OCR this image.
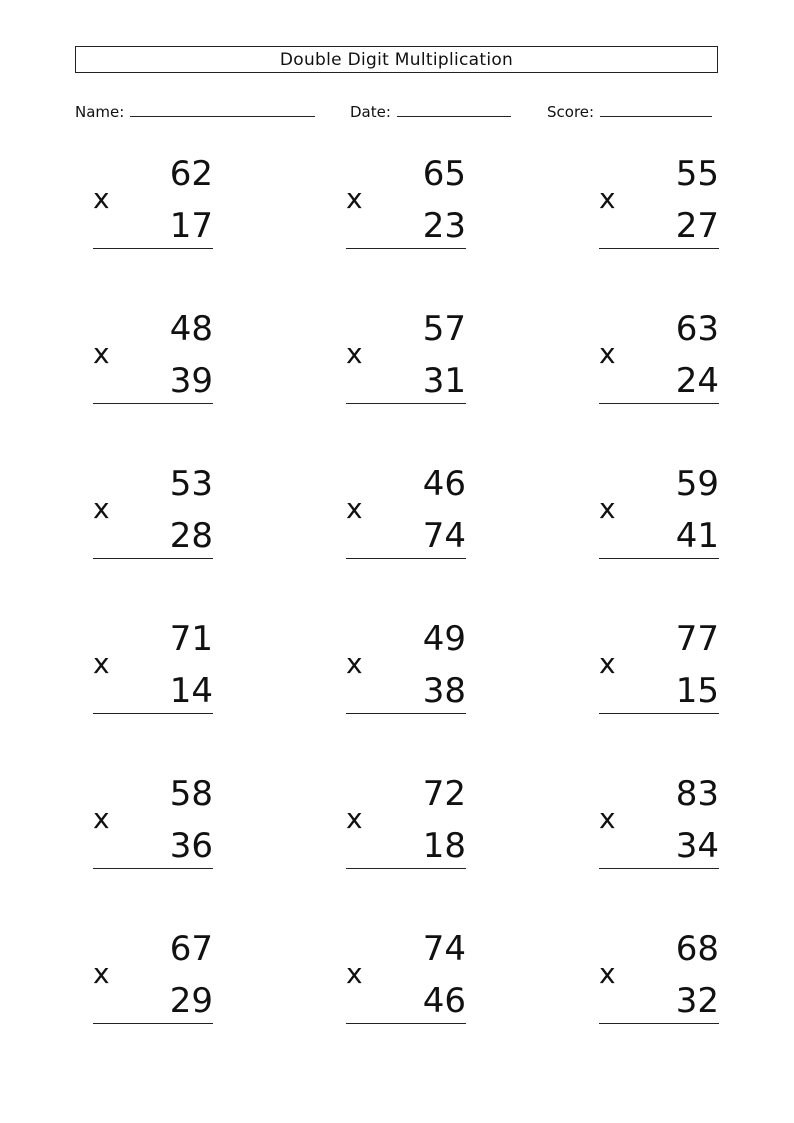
Double Digit Multiplication
Name:	Date:	Score:
62
x
17
65
x
23
55
x
27
48
x
39
57
x
31
63
x
24
53
x
28
46
x
74
59
x
41
71
x
14
49
x
38
77
x
15
58
x
36
72
x
18
83
x
34
67
x
29
74
x
46
68
x
32
